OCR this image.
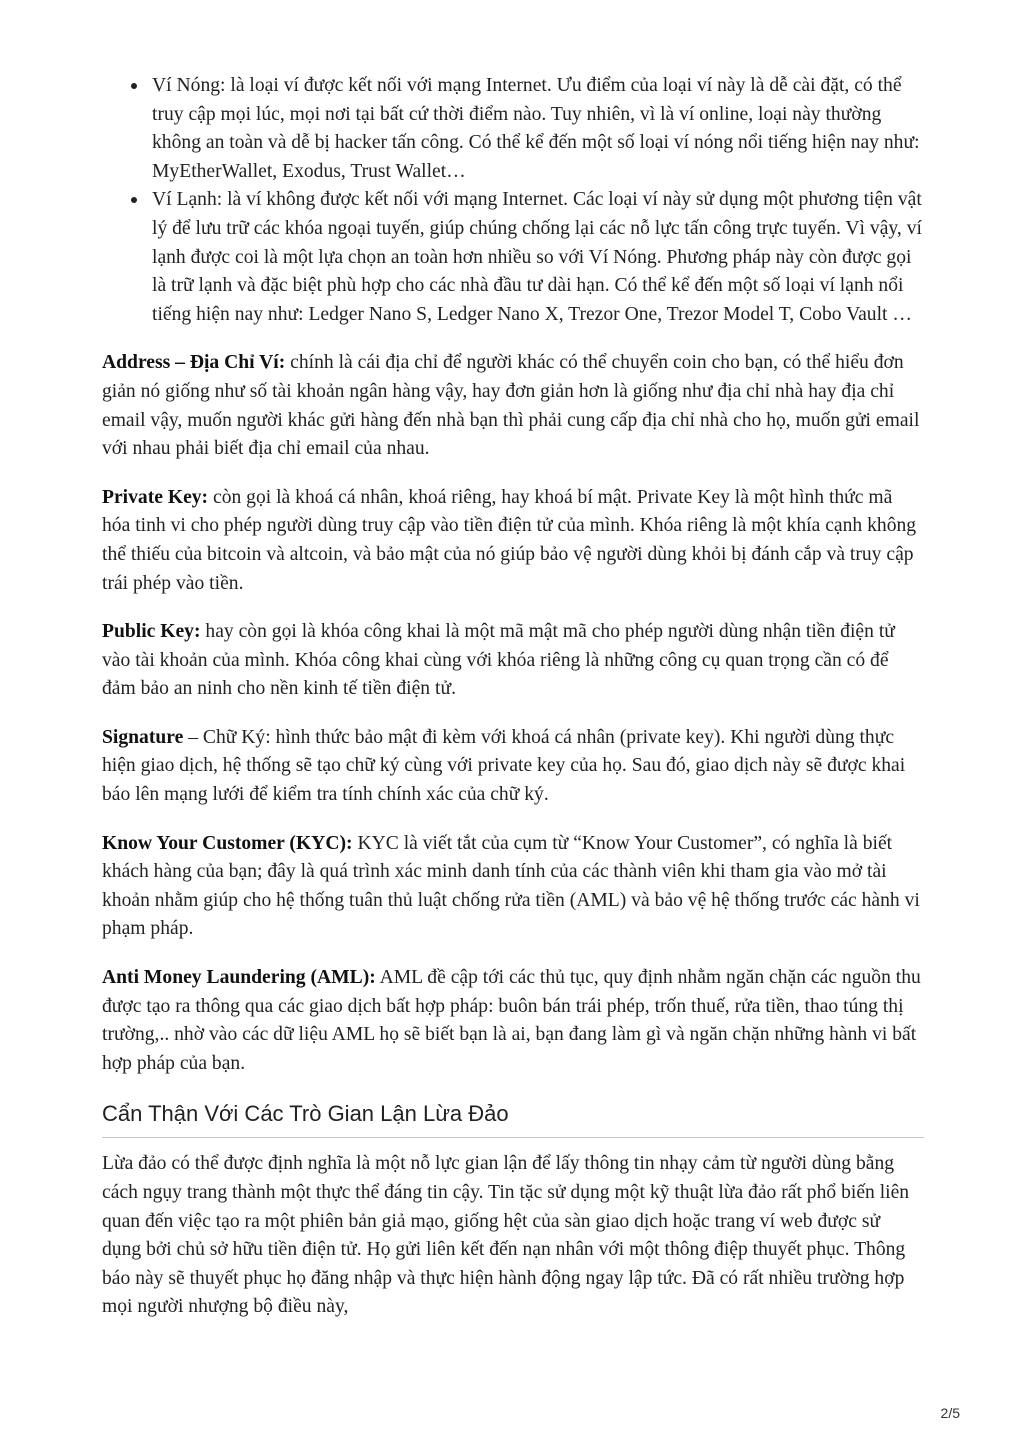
Ví Nóng: là loại ví được kết nối với mạng Internet. Ưu điểm của loại ví này là dễ cài đặt, có thể truy cập mọi lúc, mọi nơi tại bất cứ thời điểm nào. Tuy nhiên, vì là ví online, loại này thường không an toàn và dễ bị hacker tấn công. Có thể kể đến một số loại ví nóng nổi tiếng hiện nay như: MyEtherWallet, Exodus, Trust Wallet…
Ví Lạnh: là ví không được kết nối với mạng Internet. Các loại ví này sử dụng một phương tiện vật lý để lưu trữ các khóa ngoại tuyến, giúp chúng chống lại các nỗ lực tấn công trực tuyến. Vì vậy, ví lạnh được coi là một lựa chọn an toàn hơn nhiều so với Ví Nóng. Phương pháp này còn được gọi là trữ lạnh và đặc biệt phù hợp cho các nhà đầu tư dài hạn. Có thể kể đến một số loại ví lạnh nổi tiếng hiện nay như: Ledger Nano S, Ledger Nano X, Trezor One, Trezor Model T, Cobo Vault …

Address – Địa Chỉ Ví: chính là cái địa chỉ để người khác có thể chuyển coin cho bạn, có thể hiểu đơn giản nó giống như số tài khoản ngân hàng vậy, hay đơn giản hơn là giống như địa chỉ nhà hay địa chỉ email vậy, muốn người khác gửi hàng đến nhà bạn thì phải cung cấp địa chỉ nhà cho họ, muốn gửi email với nhau phải biết địa chỉ email của nhau.

Private Key: còn gọi là khoá cá nhân, khoá riêng, hay khoá bí mật. Private Key là một hình thức mã hóa tinh vi cho phép người dùng truy cập vào tiền điện tử của mình. Khóa riêng là một khía cạnh không thể thiếu của bitcoin và altcoin, và bảo mật của nó giúp bảo vệ người dùng khỏi bị đánh cắp và truy cập trái phép vào tiền.

Public Key: hay còn gọi là khóa công khai là một mã mật mã cho phép người dùng nhận tiền điện tử vào tài khoản của mình. Khóa công khai cùng với khóa riêng là những công cụ quan trọng cần có để đảm bảo an ninh cho nền kinh tế tiền điện tử.

Signature – Chữ Ký: hình thức bảo mật đi kèm với khoá cá nhân (private key). Khi người dùng thực hiện giao dịch, hệ thống sẽ tạo chữ ký cùng với private key của họ. Sau đó, giao dịch này sẽ được khai báo lên mạng lưới để kiểm tra tính chính xác của chữ ký.

Know Your Customer (KYC): KYC là viết tắt của cụm từ “Know Your Customer”, có nghĩa là biết khách hàng của bạn; đây là quá trình xác minh danh tính của các thành viên khi tham gia vào mở tài khoản nhằm giúp cho hệ thống tuân thủ luật chống rửa tiền (AML) và bảo vệ hệ thống trước các hành vi phạm pháp.

Anti Money Laundering (AML): AML đề cập tới các thủ tục, quy định nhằm ngăn chặn các nguồn thu được tạo ra thông qua các giao dịch bất hợp pháp: buôn bán trái phép, trốn thuế, rửa tiền, thao túng thị trường,.. nhờ vào các dữ liệu AML họ sẽ biết bạn là ai, bạn đang làm gì và ngăn chặn những hành vi bất hợp pháp của bạn.

Cẩn Thận Với Các Trò Gian Lận Lừa Đảo

Lừa đảo có thể được định nghĩa là một nỗ lực gian lận để lấy thông tin nhạy cảm từ người dùng bằng cách ngụy trang thành một thực thể đáng tin cậy. Tin tặc sử dụng một kỹ thuật lừa đảo rất phổ biến liên quan đến việc tạo ra một phiên bản giả mạo, giống hệt của sàn giao dịch hoặc trang ví web được sử dụng bởi chủ sở hữu tiền điện tử. Họ gửi liên kết đến nạn nhân với một thông điệp thuyết phục. Thông báo này sẽ thuyết phục họ đăng nhập và thực hiện hành động ngay lập tức. Đã có rất nhiều trường hợp mọi người nhượng bộ điều này,

2/5
